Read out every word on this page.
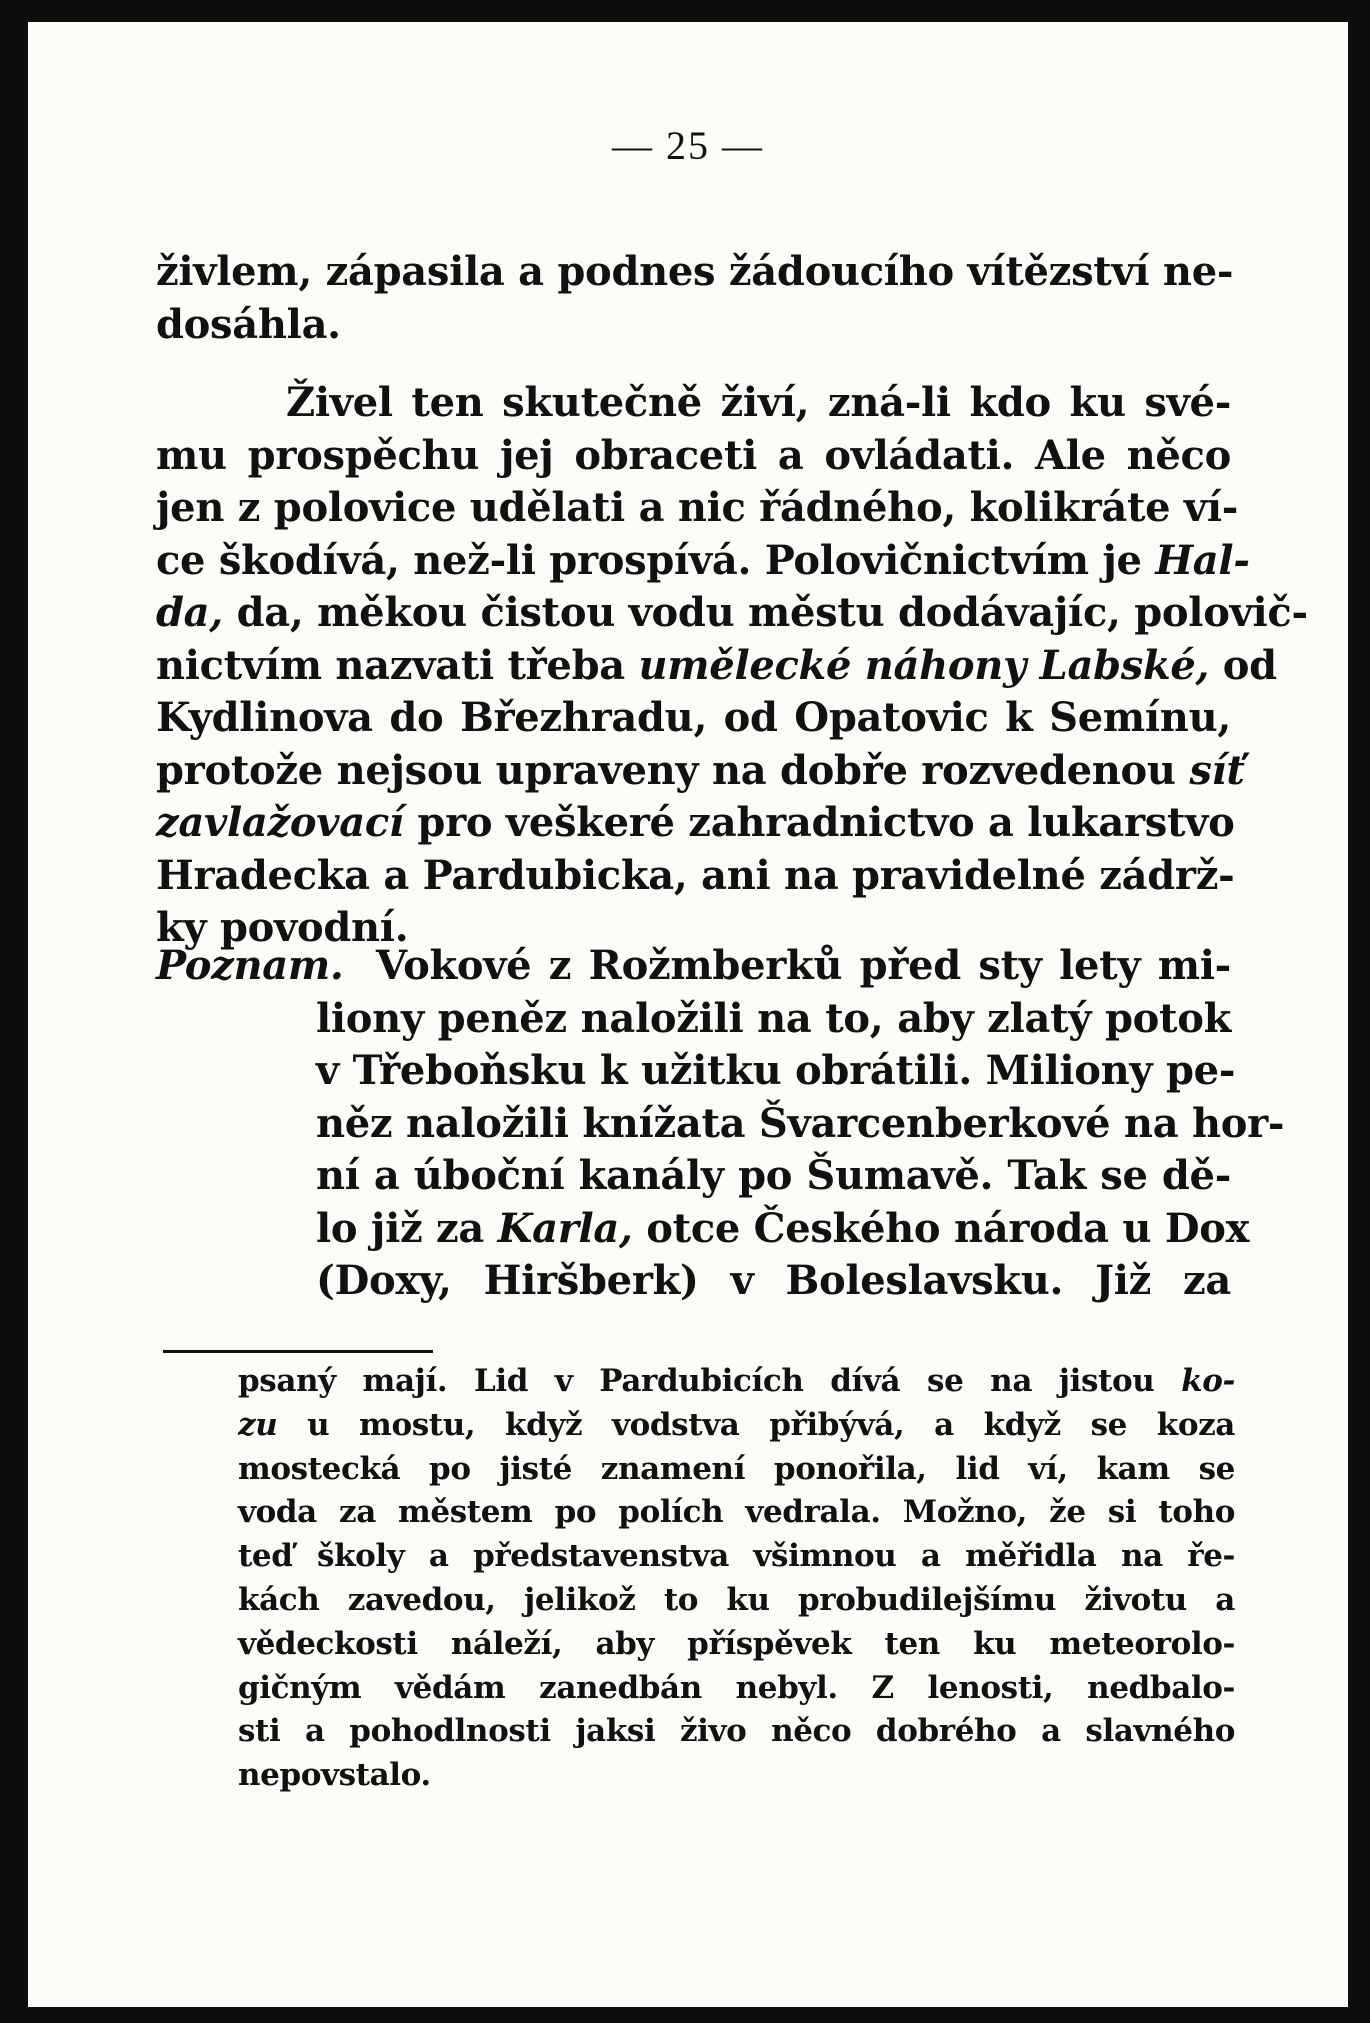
— 25 —

živlem, zápasila a podnes žádoucího vítězství ne-
dosáhla.

Živel ten skutečně živí, zná-li kdo ku své-
mu prospěchu jej obraceti a ovládati. Ale něco
jen z polovice udělati a nic řádného, kolikráte ví-
ce škodívá, než-li prospívá. Polovičnictvím je Hal-
da, da, měkou čistou vodu městu dodávajíc, polovič-
nictvím nazvati třeba umělecké náhony Labské, od
Kydlinova do Březhradu, od Opatovic k Semínu,
protože nejsou upraveny na dobře rozvedenou síť
zavlažovací pro veškeré zahradnictvo a lukarstvo
Hradecka a Pardubicka, ani na pravidelné zádrž-
ky povodní.

Poznam. Vokové z Rožmberků před sty lety mi-
liony peněz naložili na to, aby zlatý potok
v Třeboňsku k užitku obrátili. Miliony pe-
něz naložili knížata Švarcenberkové na hor-
ní a úboční kanály po Šumavě. Tak se dě-
lo již za Karla, otce Českého národa u Dox
(Doxy, Hiršberk) v Boleslavsku. Již za
psaný mají. Lid v Pardubicích dívá se na jistou ko-
zu u mostu, když vodstva přibývá, a když se koza
mostecká po jisté znamení ponořila, lid ví, kam se
voda za městem po polích vedrala. Možno, že si toho
teď školy a představenstva všimnou a měřidla na ře-
kách zavedou, jelikož to ku probudilejšímu životu a
vědeckosti náleží, aby příspěvek ten ku meteorolo-
gičným vědám zanedbán nebyl. Z lenosti, nedbalo-
sti a pohodlnosti jaksi živo něco dobrého a slavného
nepovstalo.
